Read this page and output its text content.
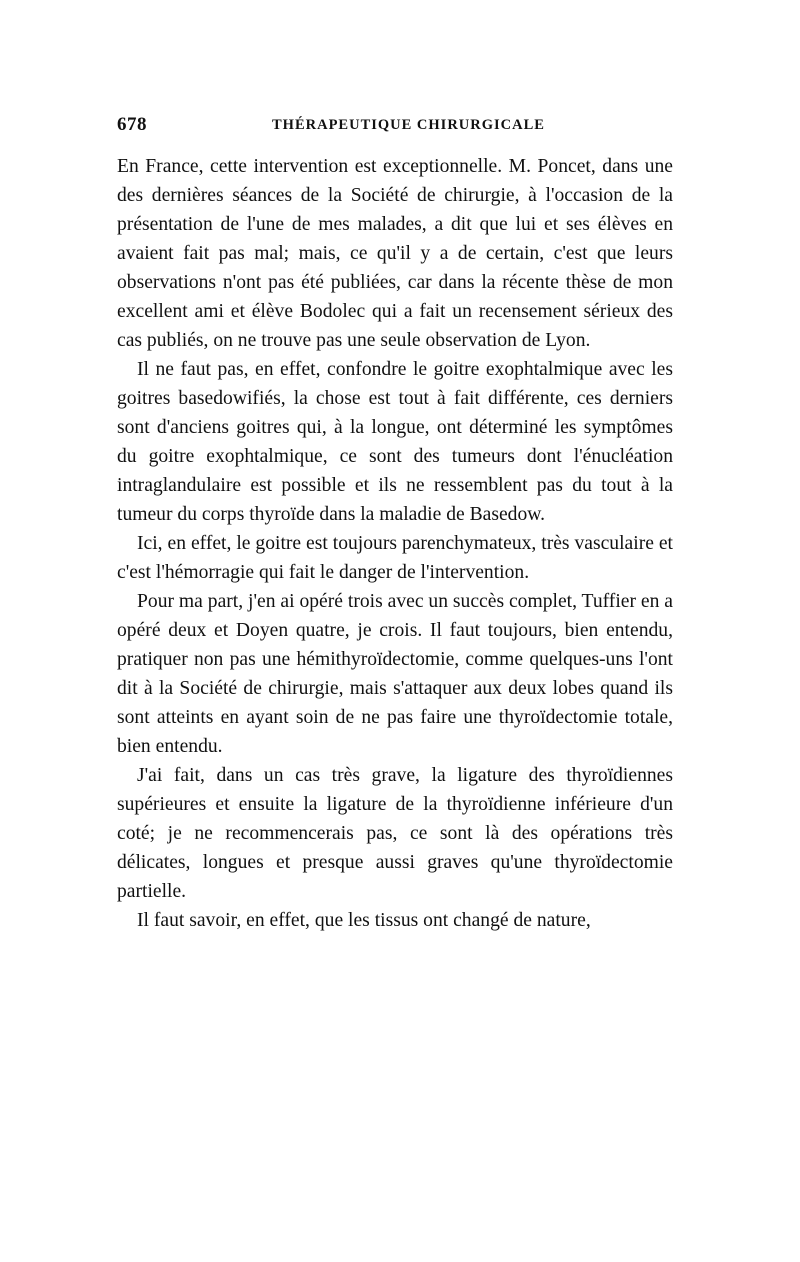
678	THÉRAPEUTIQUE CHIRURGICALE

En France, cette intervention est exceptionnelle. M. Poncet, dans une des dernières séances de la Société de chirurgie, à l'occasion de la présentation de l'une de mes malades, a dit que lui et ses élèves en avaient fait pas mal; mais, ce qu'il y a de certain, c'est que leurs observations n'ont pas été publiées, car dans la récente thèse de mon excellent ami et élève Bodolec qui a fait un recensement sérieux des cas publiés, on ne trouve pas une seule observation de Lyon.

Il ne faut pas, en effet, confondre le goitre exophtalmique avec les goitres basedowifiés, la chose est tout à fait différente, ces derniers sont d'anciens goitres qui, à la longue, ont déterminé les symptômes du goitre exophtalmique, ce sont des tumeurs dont l'énucléation intraglandulaire est possible et ils ne ressemblent pas du tout à la tumeur du corps thyroïde dans la maladie de Basedow.

Ici, en effet, le goitre est toujours parenchymateux, très vasculaire et c'est l'hémorragie qui fait le danger de l'intervention.

Pour ma part, j'en ai opéré trois avec un succès complet, Tuffier en a opéré deux et Doyen quatre, je crois. Il faut toujours, bien entendu, pratiquer non pas une hémithyroïdectomie, comme quelques-uns l'ont dit à la Société de chirurgie, mais s'attaquer aux deux lobes quand ils sont atteints en ayant soin de ne pas faire une thyroïdectomie totale, bien entendu.

J'ai fait, dans un cas très grave, la ligature des thyroïdiennes supérieures et ensuite la ligature de la thyroïdienne inférieure d'un coté; je ne recommencerais pas, ce sont là des opérations très délicates, longues et presque aussi graves qu'une thyroïdectomie partielle.

Il faut savoir, en effet, que les tissus ont changé de nature,
